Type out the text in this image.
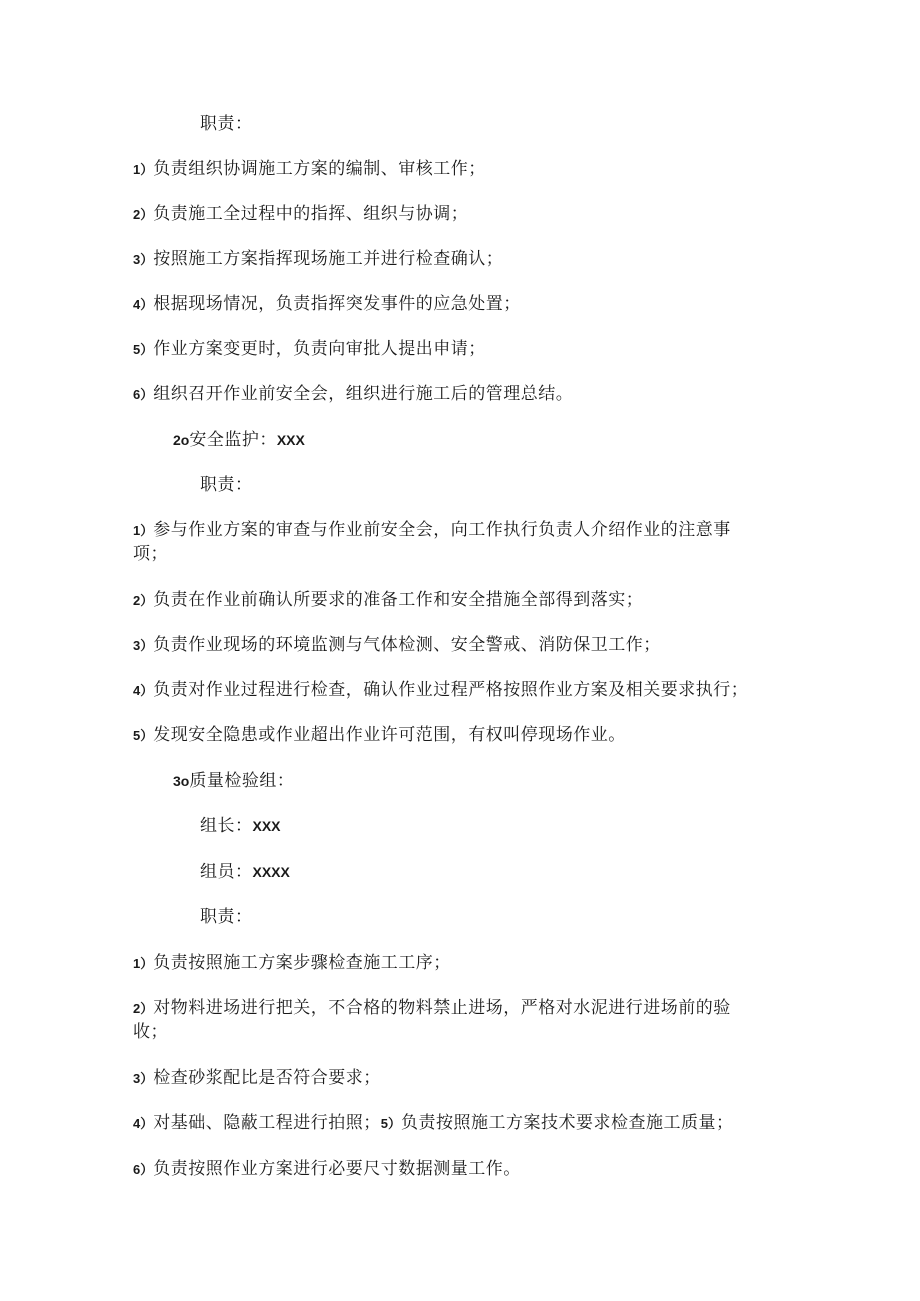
职责：
1）负责组织协调施工方案的编制、审核工作；
2）负责施工全过程中的指挥、组织与协调；
3）按照施工方案指挥现场施工并进行检查确认；
4）根据现场情况，负责指挥突发事件的应急处置；
5）作业方案变更时，负责向审批人提出申请；
6）组织召开作业前安全会，组织进行施工后的管理总结。
2o安全监护：XXX
职责：
1）参与作业方案的审查与作业前安全会，向工作执行负责人介绍作业的注意事
项；
2）负责在作业前确认所要求的准备工作和安全措施全部得到落实；
3）负责作业现场的环境监测与气体检测、安全警戒、消防保卫工作；
4）负责对作业过程进行检查，确认作业过程严格按照作业方案及相关要求执行；
5）发现安全隐患或作业超出作业许可范围，有权叫停现场作业。
3o质量检验组：
组长：XXX
组员：XXXX
职责：
1）负责按照施工方案步骤检查施工工序；
2）对物料进场进行把关，不合格的物料禁止进场，严格对水泥进行进场前的验
收；
3）检查砂浆配比是否符合要求；
4）对基础、隐蔽工程进行拍照；5）负责按照施工方案技术要求检查施工质量；
6）负责按照作业方案进行必要尺寸数据测量工作。
